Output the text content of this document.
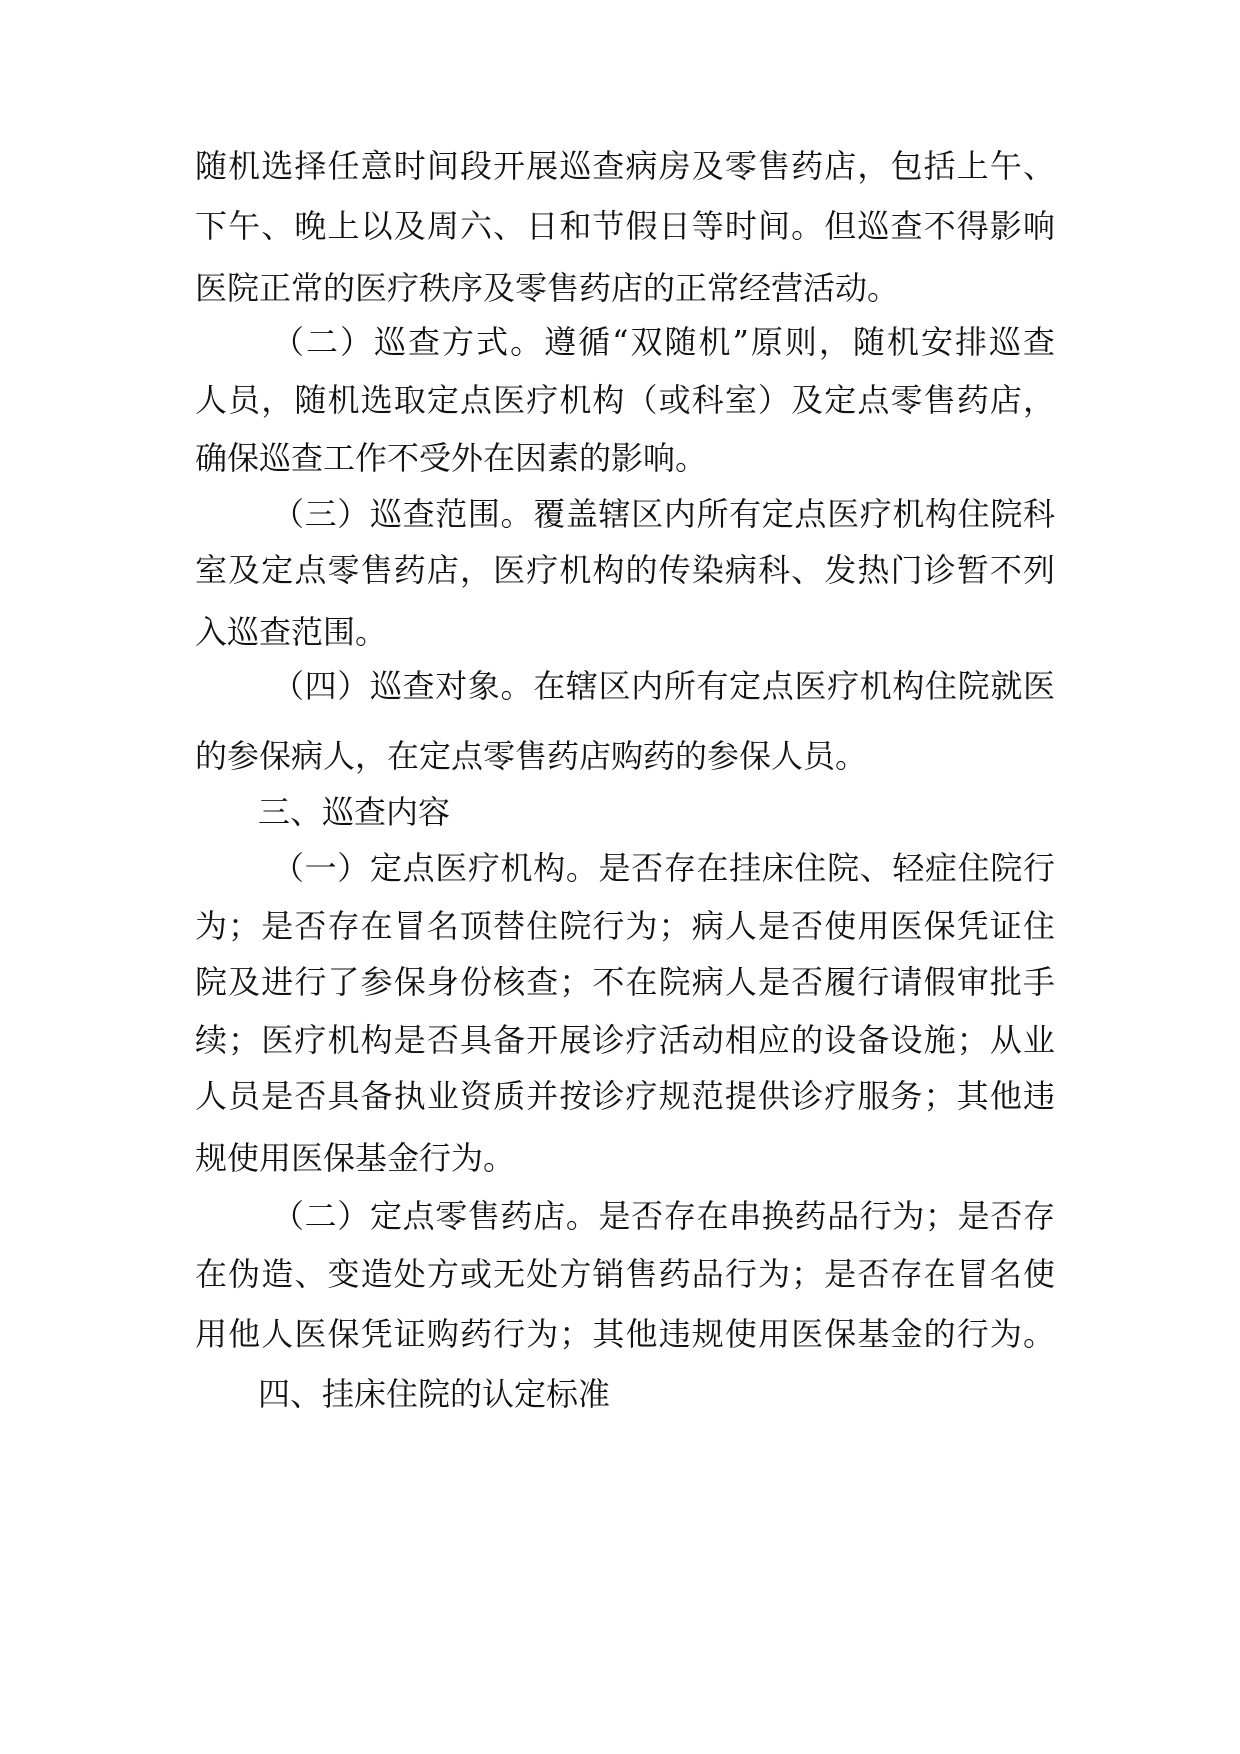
随机选择任意时间段开展巡查病房及零售药店，包括上午、
下午、晚上以及周六、日和节假日等时间。但巡查不得影响
医院正常的医疗秩序及零售药店的正常经营活动。
（二）巡查方式。遵循“双随机”原则，随机安排巡查
人员，随机选取定点医疗机构（或科室）及定点零售药店，
确保巡查工作不受外在因素的影响。
（三）巡查范围。覆盖辖区内所有定点医疗机构住院科
室及定点零售药店，医疗机构的传染病科、发热门诊暂不列
入巡查范围。
（四）巡查对象。在辖区内所有定点医疗机构住院就医
的参保病人，在定点零售药店购药的参保人员。
三、巡查内容
（一）定点医疗机构。是否存在挂床住院、轻症住院行
为；是否存在冒名顶替住院行为；病人是否使用医保凭证住
院及进行了参保身份核查；不在院病人是否履行请假审批手
续；医疗机构是否具备开展诊疗活动相应的设备设施；从业
人员是否具备执业资质并按诊疗规范提供诊疗服务；其他违
规使用医保基金行为。
（二）定点零售药店。是否存在串换药品行为；是否存
在伪造、变造处方或无处方销售药品行为；是否存在冒名使
用他人医保凭证购药行为；其他违规使用医保基金的行为。
四、挂床住院的认定标准
